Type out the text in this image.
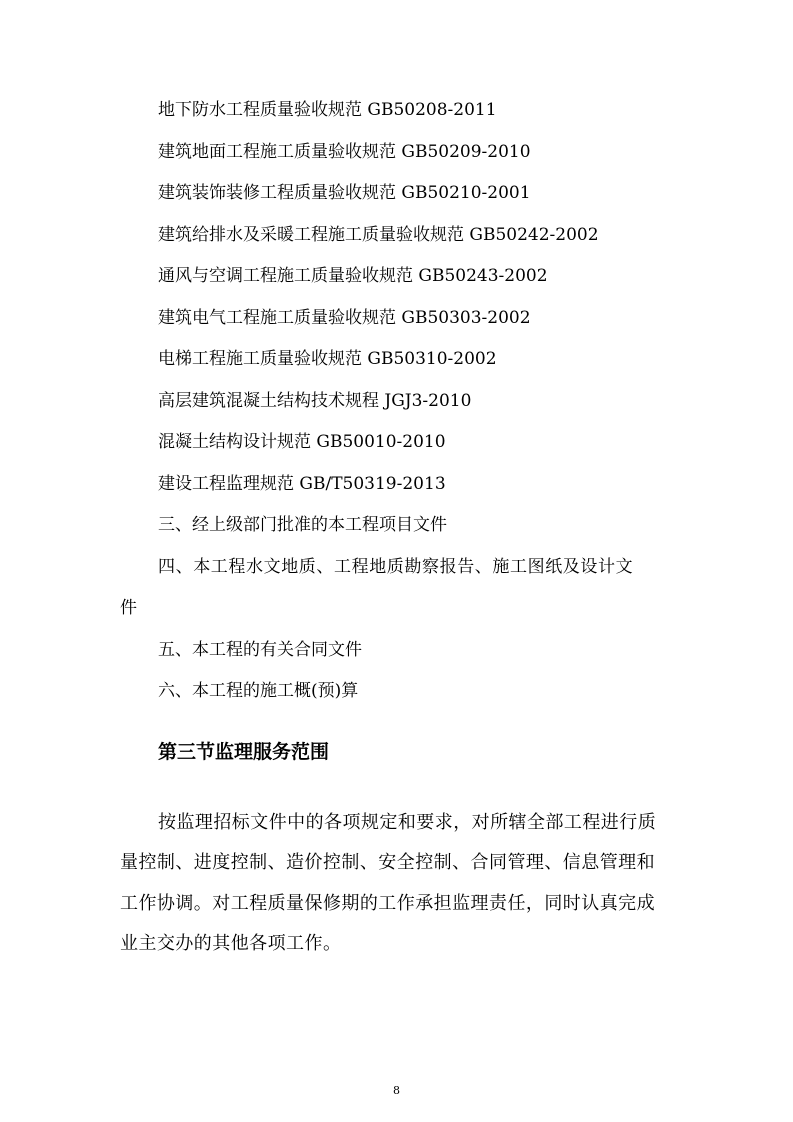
地下防水工程质量验收规范 GB50208-2011
建筑地面工程施工质量验收规范 GB50209-2010
建筑装饰装修工程质量验收规范 GB50210-2001
建筑给排水及采暖工程施工质量验收规范 GB50242-2002
通风与空调工程施工质量验收规范 GB50243-2002
建筑电气工程施工质量验收规范 GB50303-2002
电梯工程施工质量验收规范 GB50310-2002
高层建筑混凝土结构技术规程 JGJ3-2010
混凝土结构设计规范 GB50010-2010
建设工程监理规范 GB/T50319-2013
三、经上级部门批准的本工程项目文件
四、本工程水文地质、工程地质勘察报告、施工图纸及设计文
件
五、本工程的有关合同文件
六、本工程的施工概(预)算
第三节监理服务范围
按监理招标文件中的各项规定和要求，对所辖全部工程进行质
量控制、进度控制、造价控制、安全控制、合同管理、信息管理和
工作协调。对工程质量保修期的工作承担监理责任，同时认真完成
业主交办的其他各项工作。
8
